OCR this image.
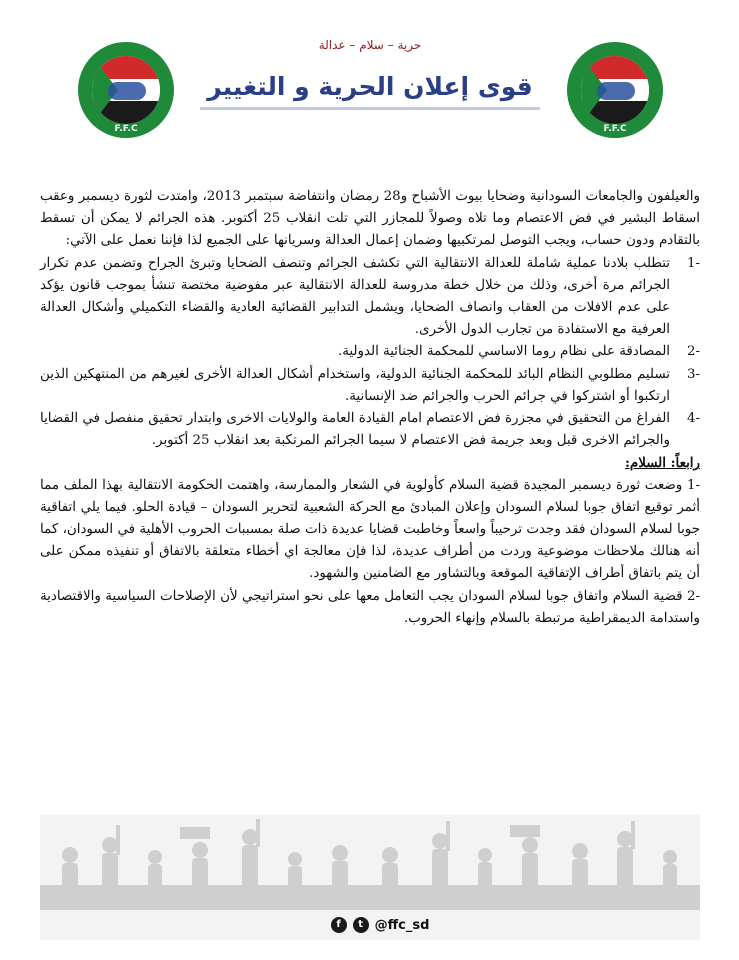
F.F.C
حرية – سلام – عدالة
قوى إعلان الحرية و التغيير
F.F.C

والعيلفون والجامعات السودانية وضحايا بيوت الأشباح و28 رمضان وانتفاضة سبتمبر 2013، وامتدت لثورة ديسمبر وعقب اسقاط البشير في فض الاعتصام وما تلاه وصولاً للمجازر التي تلت انقلاب 25 أكتوبر. هذه الجرائم لا يمكن أن تسقط بالتقادم ودون حساب، ويجب التوصل لمرتكبيها وضمان إعمال العدالة وسريانها على الجميع لذا فإننا نعمل على الآتي:

-1
تتطلب بلادنا عملية شاملة للعدالة الانتقالية التي تكشف الجرائم وتنصف الضحايا وتبرئ الجراح وتضمن عدم تكرار الجرائم مرة أخرى، وذلك من خلال خطة مدروسة للعدالة الانتقالية عبر مفوضية مختصة تنشأ بموجب قانون يؤكد على عدم الافلات من العقاب وانصاف الضحايا، ويشمل التدابير القضائية العادية والقضاء التكميلي وأشكال العدالة العرفية مع الاستفادة من تجارب الدول الأخرى.
-2
المصادقة على نظام روما الاساسي للمحكمة الجنائية الدولية.
-3
تسليم مطلوبي النظام البائد للمحكمة الجنائية الدولية، واستخدام أشكال العدالة الأخرى لغيرهم من المنتهكين الذين ارتكبوا أو اشتركوا في جرائم الحرب والجرائم ضد الإنسانية.
-4
الفراغ من التحقيق في مجزرة فض الاعتصام امام القيادة العامة والولايات الاخرى وابتدار تحقيق منفصل في القضايا والجرائم الاخرى قبل وبعد جريمة فض الاعتصام لا سيما الجرائم المرتكبة بعد انقلاب 25 أكتوبر.

رابعاً: السلام:

-1 وضعت ثورة ديسمبر المجيدة قضية السلام كأولوية في الشعار والممارسة، واهتمت الحكومة الانتقالية بهذا الملف مما أثمر توقيع اتفاق جوبا لسلام السودان وإعلان المبادئ مع الحركة الشعبية لتحرير السودان – قيادة الحلو. فيما يلي اتفاقية جوبا لسلام السودان فقد وجدت ترحيباً واسعاً وخاطبت قضايا عديدة ذات صلة بمسببات الحروب الأهلية في السودان، كما أنه هنالك ملاحظات موضوعية وردت من أطراف عديدة، لذا فإن معالجة اي أخطاء متعلقة بالاتفاق أو تنفيذه ممكن على أن يتم باتفاق أطراف الإتفاقية الموقعة وبالتشاور مع الضامنين والشهود.

-2 قضية السلام واتفاق جوبا لسلام السودان يجب التعامل معها على نحو استراتيجي لأن الإصلاحات السياسية والاقتصادية واستدامة الديمقراطية مرتبطة بالسلام وإنهاء الحروب.

f	t @ffc_sd
